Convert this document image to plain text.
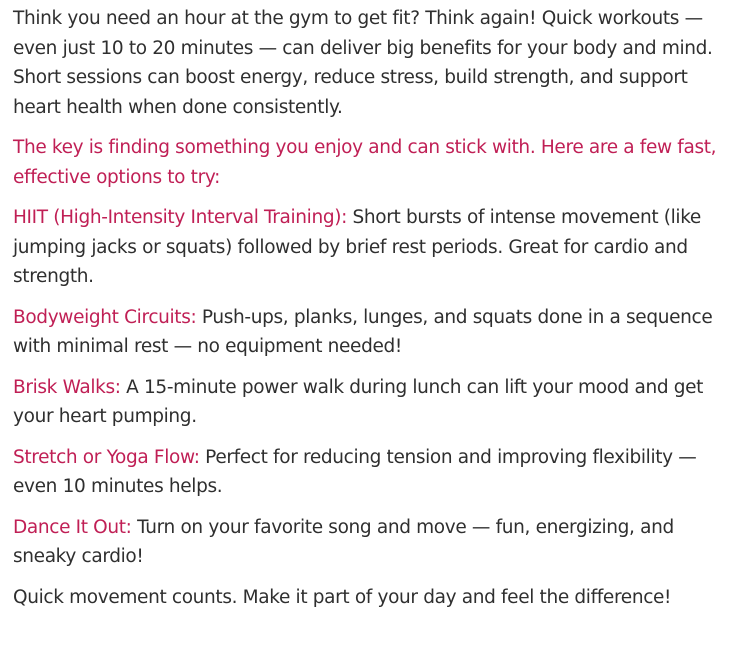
Think you need an hour at the gym to get fit? Think again! Quick workouts — even just 10 to 20 minutes — can deliver big benefits for your body and mind. Short sessions can boost energy, reduce stress, build strength, and support heart health when done consistently.

The key is finding something you enjoy and can stick with. Here are a few fast, effective options to try:

HIIT (High-Intensity Interval Training): Short bursts of intense movement (like jumping jacks or squats) followed by brief rest periods. Great for cardio and strength.

Bodyweight Circuits: Push-ups, planks, lunges, and squats done in a sequence with minimal rest — no equipment needed!

Brisk Walks: A 15-minute power walk during lunch can lift your mood and get your heart pumping.

Stretch or Yoga Flow: Perfect for reducing tension and improving flexibility — even 10 minutes helps.

Dance It Out: Turn on your favorite song and move — fun, energizing, and sneaky cardio!

Quick movement counts. Make it part of your day and feel the difference!
